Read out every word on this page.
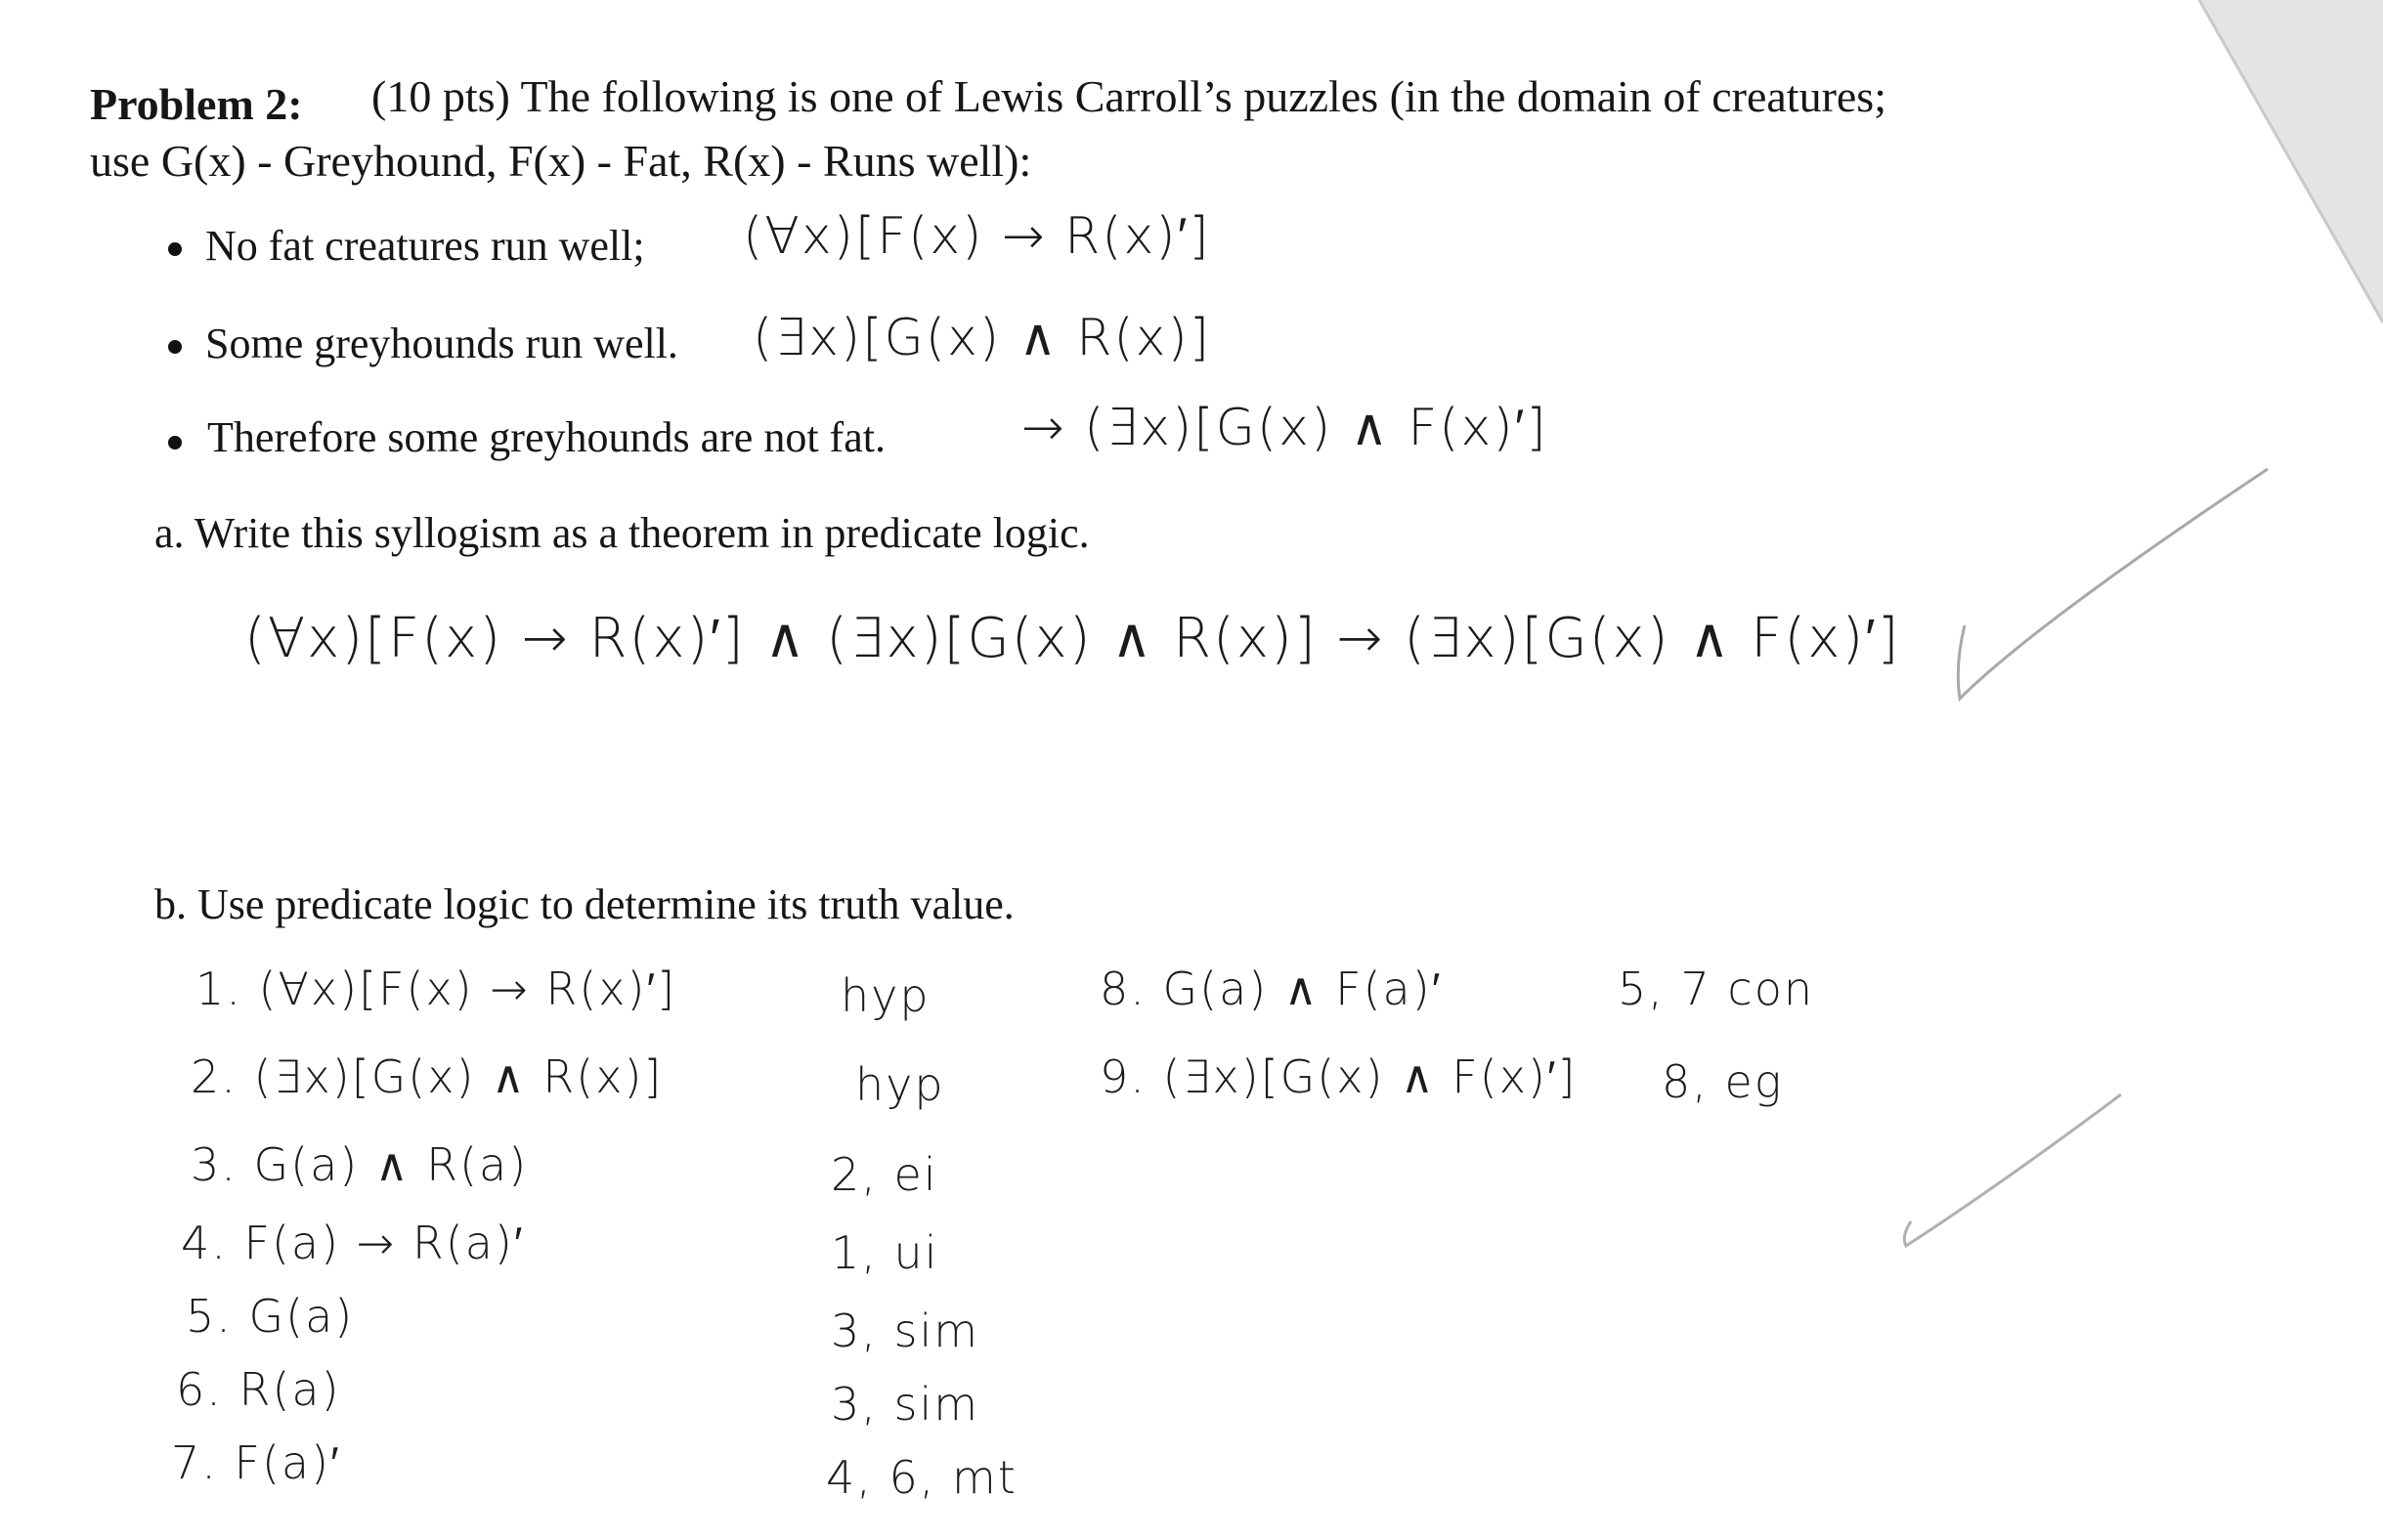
Problem 2: (10 pts) The following is one of Lewis Carroll’s puzzles (in the domain of creatures;
use G(x) - Greyhound, F(x) - Fat, R(x) - Runs well):
No fat creatures run well; (∀x)[F(x) → R(x)′]
Some greyhounds run well. (∃x)[G(x) ∧ R(x)]
Therefore some greyhounds are not fat.	→ (∃x)[G(x) ∧ F(x)′]
a. Write this syllogism as a theorem in predicate logic.
(∀x)[F(x) → R(x)′] ∧ (∃x)[G(x) ∧ R(x)] → (∃x)[G(x) ∧ F(x)′]
b. Use predicate logic to determine its truth value.
1. (∀x)[F(x) → R(x)′]	hyp
2. (∃x)[G(x) ∧ R(x)]	hyp
3. G(a) ∧ R(a)	2, ei
4. F(a) → R(a)′	1, ui
5. G(a)	3, sim
6. R(a)	3, sim
7. F(a)′	4, 6, mt
8. G(a) ∧ F(a)′	5, 7 con
9. (∃x)[G(x) ∧ F(x)′] 8, eg
